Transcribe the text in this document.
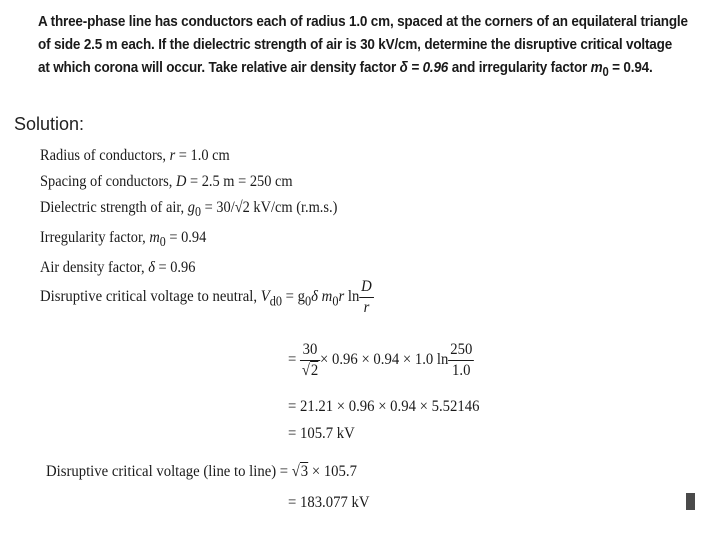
A three-phase line has conductors each of radius 1.0 cm, spaced at the corners of an equilateral triangle
of side 2.5 m each. If the dielectric strength of air is 30 kV/cm, determine the disruptive critical voltage
at which corona will occur. Take relative air density factor δ = 0.96 and irregularity factor $m_0 = 0.94$.
Solution:
Radius of conductors, r = 1.0 cm
Spacing of conductors, D = 2.5 m = 250 cm
Dielectric strength of air, $g_0 = 30/√2$ kV/cm (r.m.s.)
Irregularity factor, $m_0 = 0.94$
Air density factor, δ = 0.96
Disruptive critical voltage to neutral, $V_{d0} = g_0\delta$ $m_0r$ $\ln \frac{D}{r}$
= $\frac{30}{√2} \times 0.96 \times 0.94 \times 1.0$ $\ln \frac{250}{1.0}$
= 21.21 × 0.96 × 0.94 × 5.52146
= 105.7 kV
Disruptive critical voltage (line to line) = √3 × 105.7
= 183.077 kV
